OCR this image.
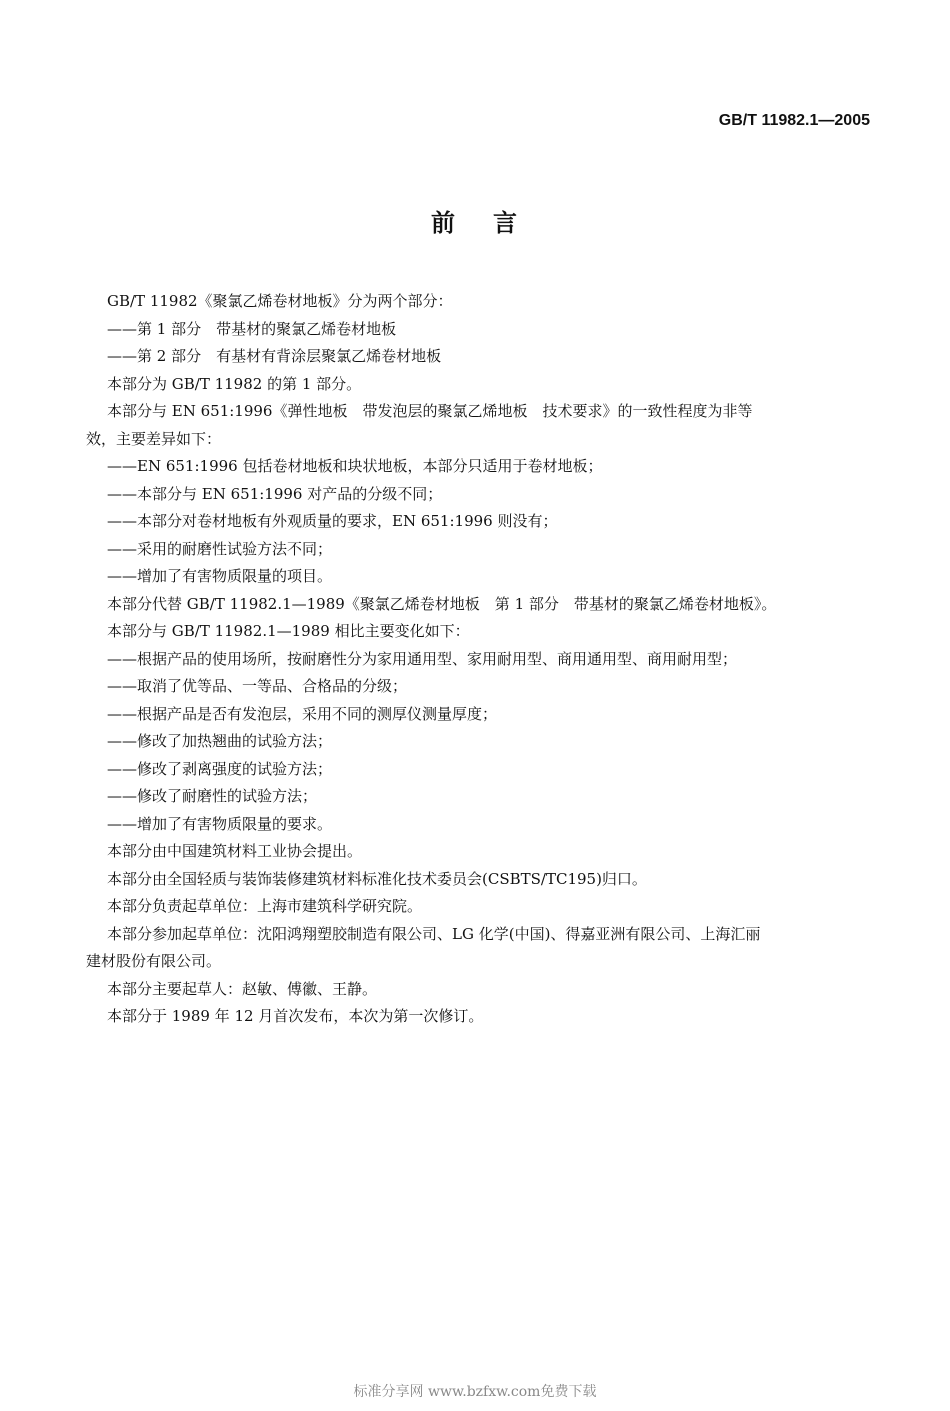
GB/T 11982.1—2005
前 言
GB/T 11982《聚氯乙烯卷材地板》分为两个部分：
——第 1 部分　带基材的聚氯乙烯卷材地板
——第 2 部分　有基材有背涂层聚氯乙烯卷材地板
本部分为 GB/T 11982 的第 1 部分。
本部分与 EN 651:1996《弹性地板　带发泡层的聚氯乙烯地板　技术要求》的一致性程度为非等
效，主要差异如下：
——EN 651:1996 包括卷材地板和块状地板，本部分只适用于卷材地板；
——本部分与 EN 651:1996 对产品的分级不同；
——本部分对卷材地板有外观质量的要求，EN 651:1996 则没有；
——采用的耐磨性试验方法不同；
——增加了有害物质限量的项目。
本部分代替 GB/T 11982.1—1989《聚氯乙烯卷材地板　第 1 部分　带基材的聚氯乙烯卷材地板》。
本部分与 GB/T 11982.1—1989 相比主要变化如下：
——根据产品的使用场所，按耐磨性分为家用通用型、家用耐用型、商用通用型、商用耐用型；
——取消了优等品、一等品、合格品的分级；
——根据产品是否有发泡层，采用不同的测厚仪测量厚度；
——修改了加热翘曲的试验方法；
——修改了剥离强度的试验方法；
——修改了耐磨性的试验方法；
——增加了有害物质限量的要求。
本部分由中国建筑材料工业协会提出。
本部分由全国轻质与装饰装修建筑材料标准化技术委员会(CSBTS/TC195)归口。
本部分负责起草单位：上海市建筑科学研究院。
本部分参加起草单位：沈阳鸿翔塑胶制造有限公司、LG 化学(中国)、得嘉亚洲有限公司、上海汇丽
建材股份有限公司。
本部分主要起草人：赵敏、傅徽、王静。
本部分于 1989 年 12 月首次发布，本次为第一次修订。
标准分享网 www.bzfxw.com免费下载
